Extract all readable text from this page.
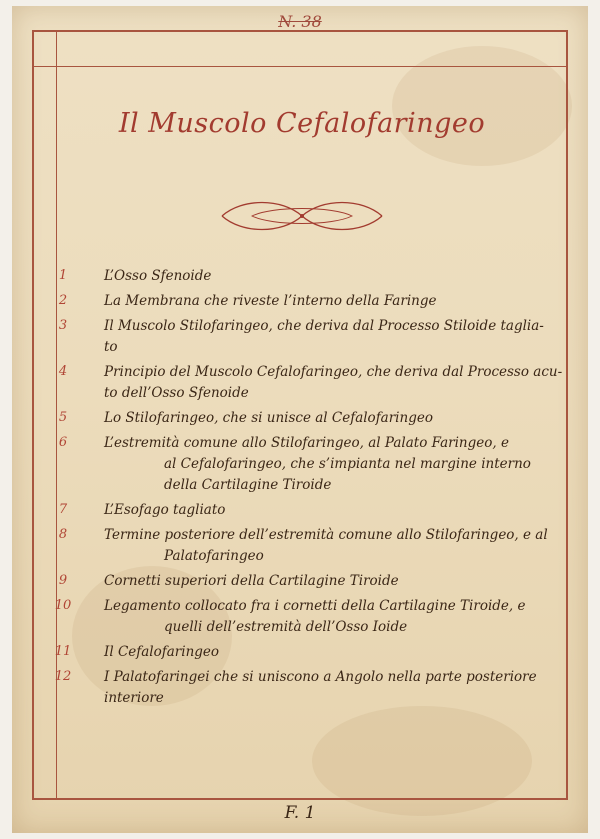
N. 38
Il Muscolo Cefalofaringeo
1	L’Osso Sfenoide
2	La Membrana che riveste l’interno della Faringe
3	Il Muscolo Stilofaringeo, che deriva dal Processo Stiloide taglia-
to
4	Principio del Muscolo Cefalofaringeo, che deriva dal Processo acu-
to dell’Osso Sfenoide
5	Lo Stilofaringeo, che si unisce al Cefalofaringeo
6	L’estremità comune allo Stilofaringeo, al Palato Faringeo, e
al Cefalofaringeo, che s’impianta nel margine interno
della Cartilagine Tiroide
7	L’Esofago tagliato
8	Termine posteriore dell’estremità comune allo Stilofaringeo, e al
Palatofaringeo
9	Cornetti superiori della Cartilagine Tiroide
10 Legamento collocato fra i cornetti della Cartilagine Tiroide, e
quelli dell’estremità dell’Osso Ioide
11 Il Cefalofaringeo
12 I Palatofaringei che si uniscono a Angolo nella parte posteriore
interiore
F. 1
